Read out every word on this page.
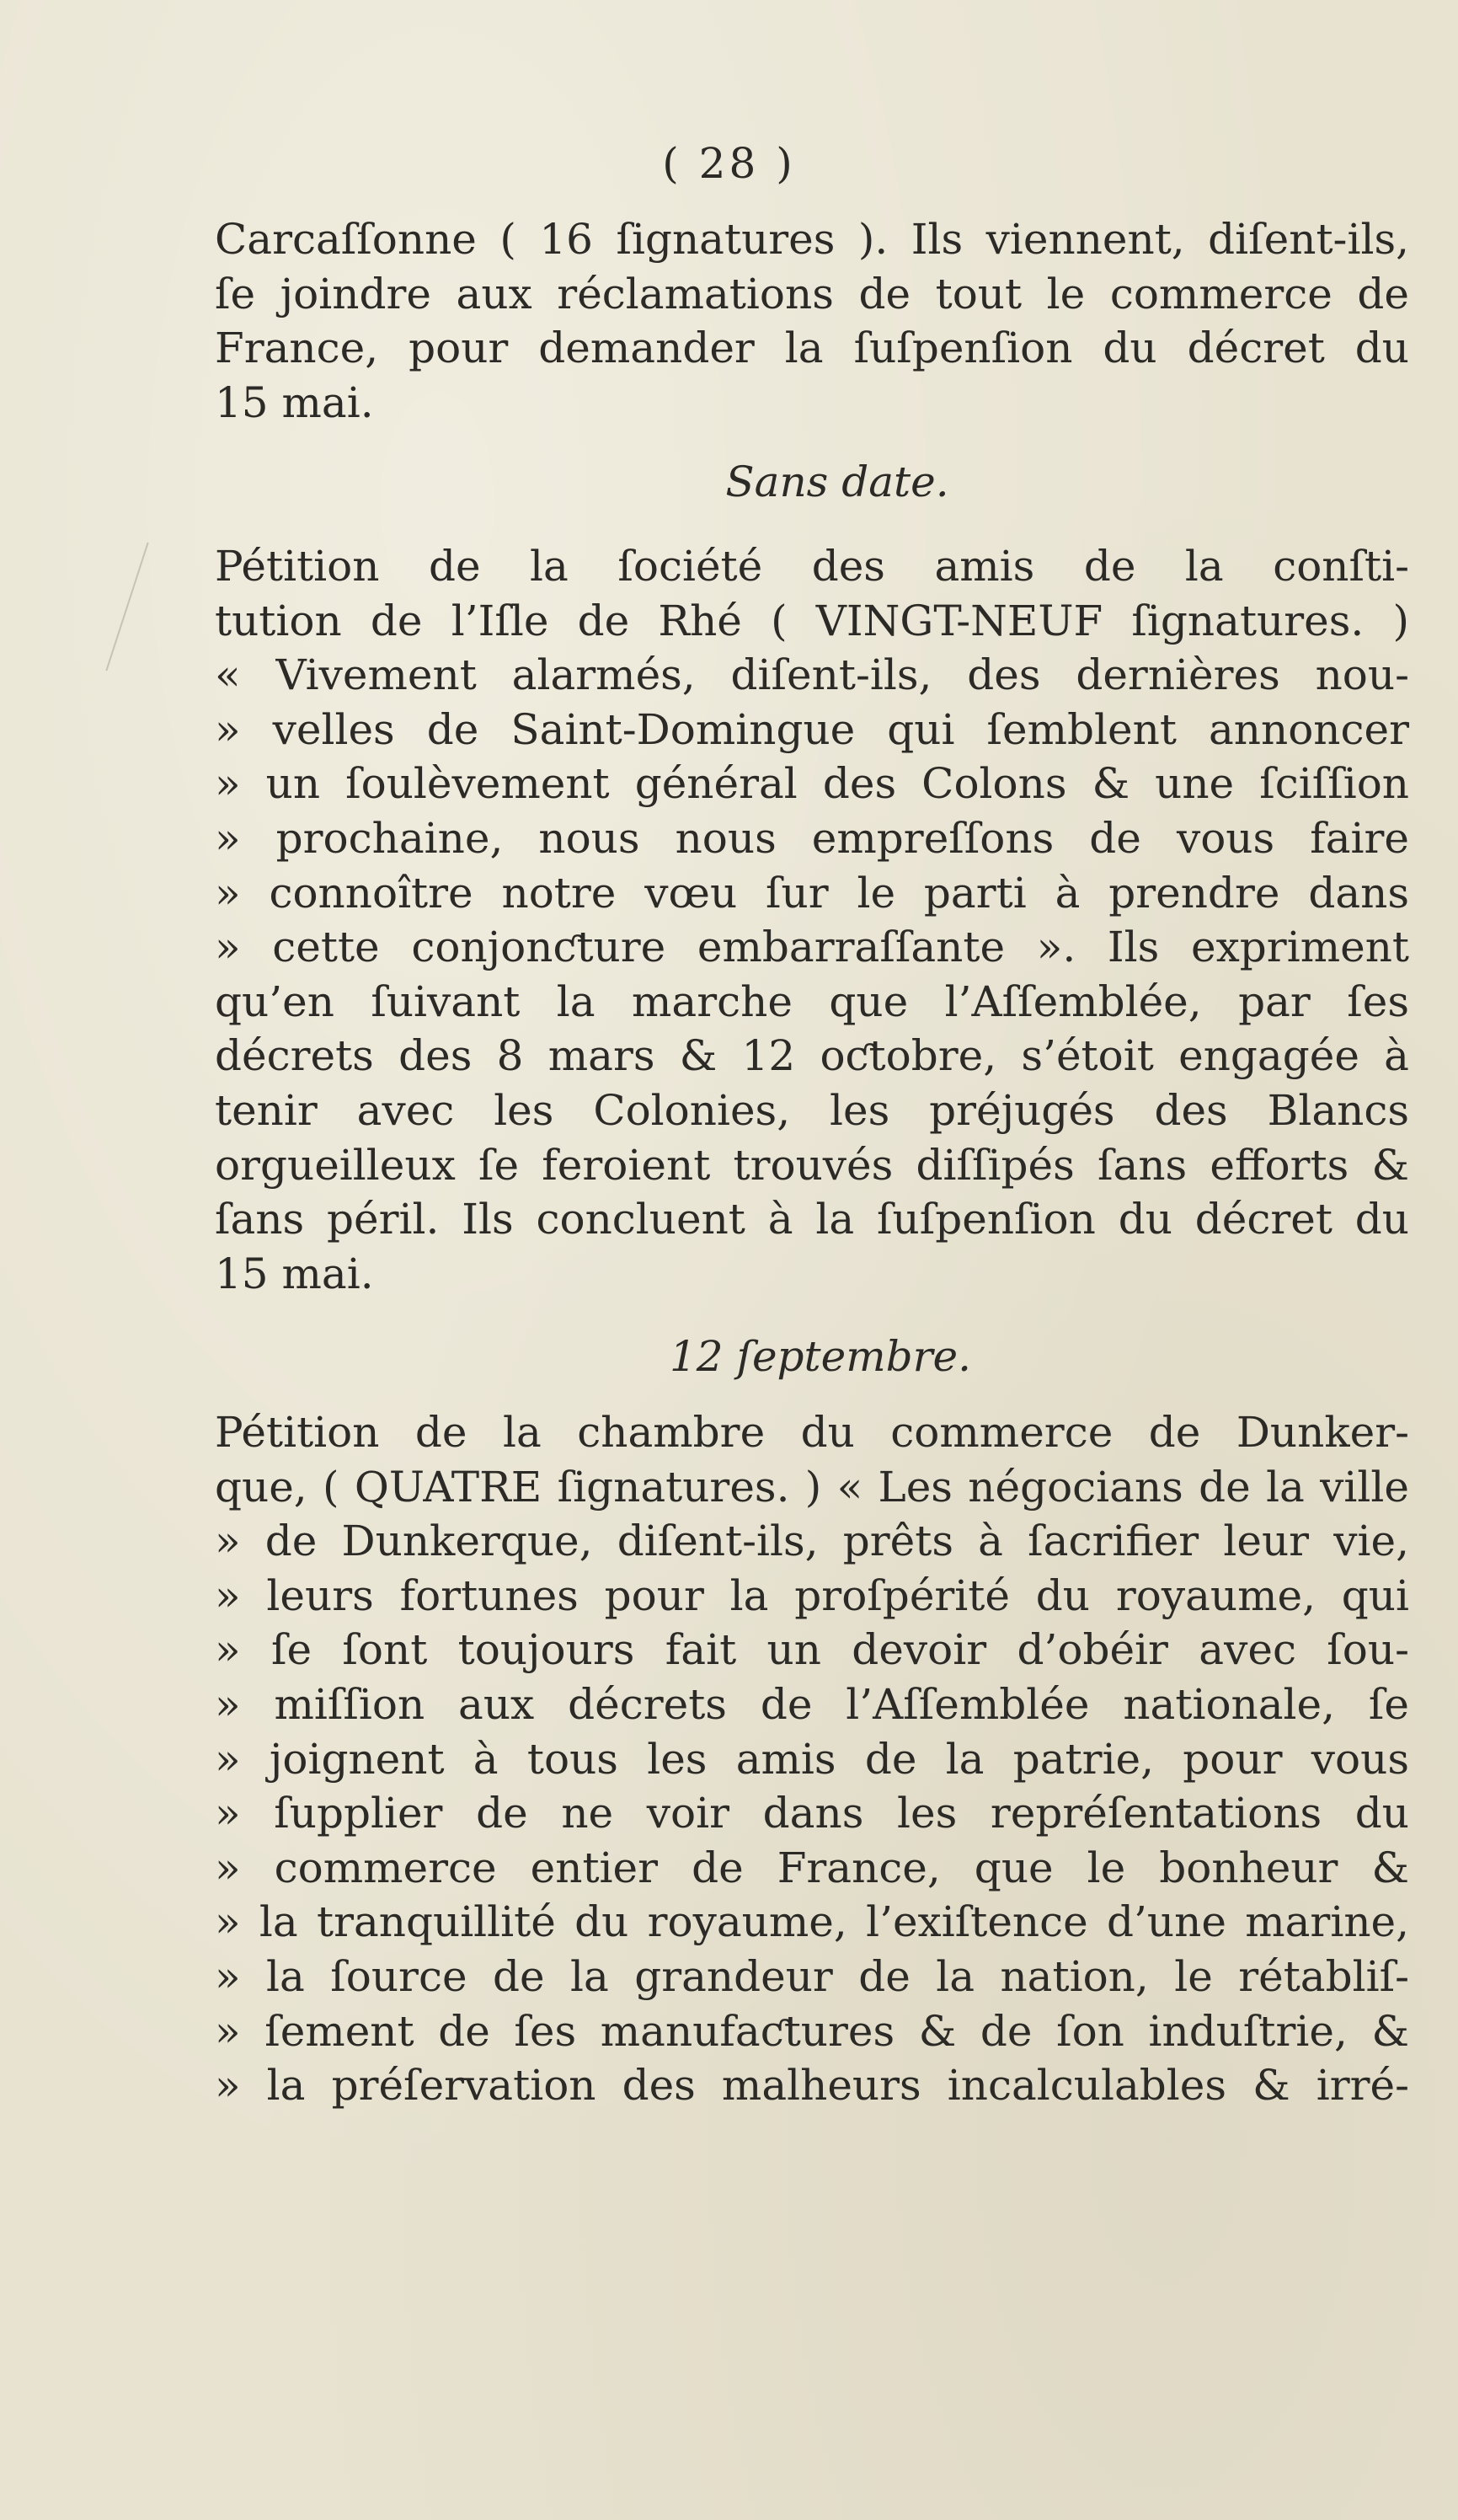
( 28 )
Carcaſſonne ( 16 ſignatures ). Ils viennent, diſent-ils,
ſe joindre aux réclamations de tout le commerce de
France, pour demander la ſuſpenſion du décret du
15 mai.
Sans date.
Pétition de la ſociété des amis de la conſti-
tution de l’Iſle de Rhé ( VINGT-NEUF ſignatures. )
« Vivement alarmés, diſent-ils, des dernières nou-
» velles de Saint-Domingue qui ſemblent annoncer
» un ſoulèvement général des Colons & une ſciſſion
» prochaine, nous nous empreſſons de vous faire
» connoître notre vœu ſur le parti à prendre dans
» cette conjonƈture embarraſſante ». Ils expriment
qu’en ſuivant la marche que l’Aſſemblée, par ſes
décrets des 8 mars & 12 oƈtobre, s’étoit engagée à
tenir avec les Colonies, les préjugés des Blancs
orgueilleux ſe feroient trouvés diſſipés ſans efforts &
ſans péril. Ils concluent à la ſuſpenſion du décret du
15 mai.
12 ſeptembre.
Pétition de la chambre du commerce de Dunker-
que, ( QUATRE ſignatures. ) « Les négocians de la ville
» de Dunkerque, diſent-ils, prêts à ſacrifier leur vie,
» leurs fortunes pour la proſpérité du royaume, qui
» ſe ſont toujours fait un devoir d’obéir avec ſou-
» miſſion aux décrets de l’Aſſemblée nationale, ſe
» joignent à tous les amis de la patrie, pour vous
» ſupplier de ne voir dans les repréſentations du
» commerce entier de France, que le bonheur &
» la tranquillité du royaume, l’exiſtence d’une marine,
» la ſource de la grandeur de la nation, le rétabliſ-
» ſement de ſes manufaƈtures & de ſon induſtrie, &
» la préſervation des malheurs incalculables & irré-
